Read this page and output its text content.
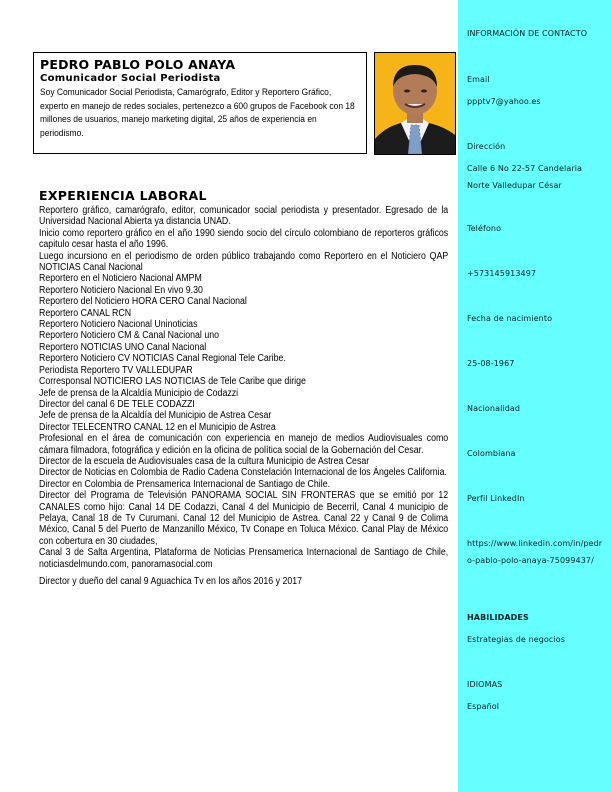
PEDRO PABLO POLO ANAYA

Comunicador Social Periodista

Soy Comunicador Social Periodista, Camarógrafo, Editor y Reportero Gráfico, experto en manejo de redes sociales, pertenezco a 600 grupos de Facebook con 18 millones de usuarios, manejo marketing digital, 25 años de experiencia en periodismo.

EXPERIENCIA LABORAL

Reportero gráfico, camarógrafo, editor, comunicador social periodista y presentador. Egresado de la Universidad Nacional Abierta ya distancia UNAD.

Inicio como reportero gráfico en el año 1990 siendo socio del círculo colombiano de reporteros gráficos capitulo cesar hasta el año 1996.

Luego incursiono en el periodismo de orden público trabajando como Reportero en el Noticiero QAP NOTICIAS Canal Nacional

Reportero en el Noticiero Nacional AMPM

Reportero Noticiero Nacional En vivo 9.30

Reportero del Noticiero HORA CERO Canal Nacional

Reportero CANAL RCN

Reportero Noticiero Nacional Uninoticias

Reportero Noticiero CM & Canal Nacional uno

Reportero NOTICIAS UNO Canal Nacional

Reportero Noticiero CV NOTICIAS Canal Regional Tele Caribe.

Periodista Reportero TV VALLEDUPAR

Corresponsal NOTICIERO LAS NOTICIAS de Tele Caribe que dirige

Jefe de prensa de la Alcaldía Municipio de Codazzi

Director del canal 6 DE TELE CODAZZI

Jefe de prensa de la Alcaldía del Municipio de Astrea Cesar

Director TELECENTRO CANAL 12 en el Municipio de Astrea

Profesional en el área de comunicación con experiencia en manejo de medios Audiovisuales como cámara filmadora, fotográfica y edición en la oficina de política social de la Gobernación del Cesar.

Director de la escuela de Audiovisuales casa de la cultura Municipio de Astrea Cesar

Director de Noticias en Colombia de Radio Cadena Constelación Internacional de los Ángeles California.

Director en Colombia de Prensamerica Internacional de Santiago de Chile.

Director del Programa de Televisión PANORAMA SOCIAL SIN FRONTERAS que se emitió por 12 CANALES como hijo: Canal 14 DE Codazzi, Canal 4 del Municipio de Becerril, Canal 4 municipio de Pelaya, Canal 18 de Tv Curumani. Canal 12 del Municipio de Astrea. Canal 22 y Canal 9 de Colima México, Canal 5 del Puerto de Manzanillo México, Tv Conape en Toluca México. Canal Play de México con cobertura en 30 ciudades,

Canal 3 de Salta Argentina, Plataforma de Noticias Prensamerica Internacional de Santiago de Chile, noticiasdelmundo.com, panoramasocial.com

Director y dueño del canal 9 Aguachica Tv en los años 2016 y 2017

INFORMACIÓN DE CONTACTO
Email
ppptv7@yahoo.es
Dirección
Calle 6 No 22-57 Candelaria Norte Valledupar César
Teléfono
+573145913497
Fecha de nacimiento
25-08-1967
Nacionalidad
Colombiana
Perfil LinkedIn
https://www.linkedin.com/in/pedro-pablo-polo-anaya-75099437/
HABILIDADES
Estrategias de negocios
IDIOMAS
Español
